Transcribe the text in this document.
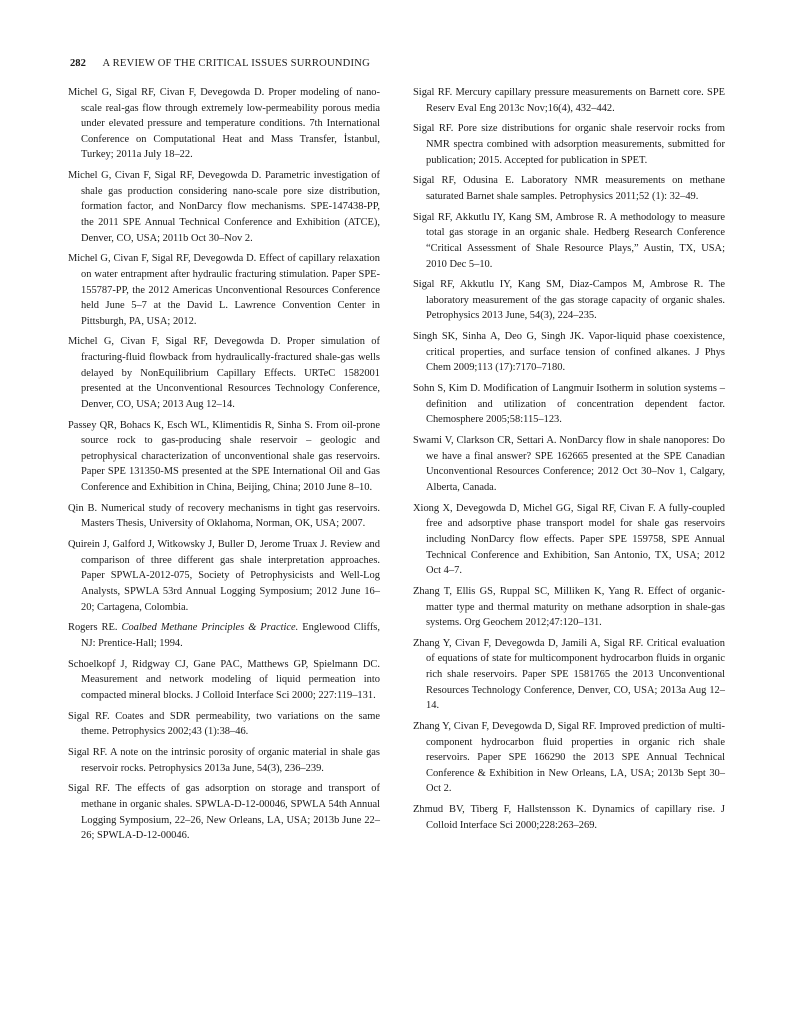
282 A REVIEW OF THE CRITICAL ISSUES SURROUNDING

Michel G, Sigal RF, Civan F, Devegowda D. Proper modeling of nano-scale real-gas flow through extremely low-permeability porous media under elevated pressure and temperature conditions. 7th International Conference on Computational Heat and Mass Transfer, İstanbul, Turkey; 2011a July 18–22.

Michel G, Civan F, Sigal RF, Devegowda D. Parametric investigation of shale gas production considering nano-scale pore size distribution, formation factor, and NonDarcy flow mechanisms. SPE-147438-PP, the 2011 SPE Annual Technical Conference and Exhibition (ATCE), Denver, CO, USA; 2011b Oct 30–Nov 2.

Michel G, Civan F, Sigal RF, Devegowda D. Effect of capillary relaxation on water entrapment after hydraulic fracturing stimulation. Paper SPE-155787-PP, the 2012 Americas Unconventional Resources Conference held June 5–7 at the David L. Lawrence Convention Center in Pittsburgh, PA, USA; 2012.

Michel G, Civan F, Sigal RF, Devegowda D. Proper simulation of fracturing-fluid flowback from hydraulically-fractured shale-gas wells delayed by NonEquilibrium Capillary Effects. URTeC 1582001 presented at the Unconventional Resources Technology Conference, Denver, CO, USA; 2013 Aug 12–14.

Passey QR, Bohacs K, Esch WL, Klimentidis R, Sinha S. From oil-prone source rock to gas-producing shale reservoir – geologic and petrophysical characterization of unconventional shale gas reservoirs. Paper SPE 131350-MS presented at the SPE International Oil and Gas Conference and Exhibition in China, Beijing, China; 2010 June 8–10.

Qin B. Numerical study of recovery mechanisms in tight gas reservoirs. Masters Thesis, University of Oklahoma, Norman, OK, USA; 2007.

Quirein J, Galford J, Witkowsky J, Buller D, Jerome Truax J. Review and comparison of three different gas shale interpretation approaches. Paper SPWLA-2012-075, Society of Petrophysicists and Well-Log Analysts, SPWLA 53rd Annual Logging Symposium; 2012 June 16–20; Cartagena, Colombia.

Rogers RE. Coalbed Methane Principles & Practice. Englewood Cliffs, NJ: Prentice-Hall; 1994.

Schoelkopf J, Ridgway CJ, Gane PAC, Matthews GP, Spielmann DC. Measurement and network modeling of liquid permeation into compacted mineral blocks. J Colloid Interface Sci 2000; 227:119–131.

Sigal RF. Coates and SDR permeability, two variations on the same theme. Petrophysics 2002;43 (1):38–46.

Sigal RF. A note on the intrinsic porosity of organic material in shale gas reservoir rocks. Petrophysics 2013a June, 54(3), 236–239.

Sigal RF. The effects of gas adsorption on storage and transport of methane in organic shales. SPWLA-D-12-00046, SPWLA 54th Annual Logging Symposium, 22–26, New Orleans, LA, USA; 2013b June 22–26; SPWLA-D-12-00046.

Sigal RF. Mercury capillary pressure measurements on Barnett core. SPE Reserv Eval Eng 2013c Nov;16(4), 432–442.

Sigal RF. Pore size distributions for organic shale reservoir rocks from NMR spectra combined with adsorption measurements, submitted for publication; 2015. Accepted for publication in SPET.

Sigal RF, Odusina E. Laboratory NMR measurements on methane saturated Barnet shale samples. Petrophysics 2011;52 (1): 32–49.

Sigal RF, Akkutlu IY, Kang SM, Ambrose R. A methodology to measure total gas storage in an organic shale. Hedberg Research Conference “Critical Assessment of Shale Resource Plays,” Austin, TX, USA; 2010 Dec 5–10.

Sigal RF, Akkutlu IY, Kang SM, Diaz-Campos M, Ambrose R. The laboratory measurement of the gas storage capacity of organic shales. Petrophysics 2013 June, 54(3), 224–235.

Singh SK, Sinha A, Deo G, Singh JK. Vapor-liquid phase coexistence, critical properties, and surface tension of confined alkanes. J Phys Chem 2009;113 (17):7170–7180.

Sohn S, Kim D. Modification of Langmuir Isotherm in solution systems – definition and utilization of concentration dependent factor. Chemosphere 2005;58:115–123.

Swami V, Clarkson CR, Settari A. NonDarcy flow in shale nanopores: Do we have a final answer? SPE 162665 presented at the SPE Canadian Unconventional Resources Conference; 2012 Oct 30–Nov 1, Calgary, Alberta, Canada.

Xiong X, Devegowda D, Michel GG, Sigal RF, Civan F. A fully-coupled free and adsorptive phase transport model for shale gas reservoirs including NonDarcy flow effects. Paper SPE 159758, SPE Annual Technical Conference and Exhibition, San Antonio, TX, USA; 2012 Oct 4–7.

Zhang T, Ellis GS, Ruppal SC, Milliken K, Yang R. Effect of organic-matter type and thermal maturity on methane adsorption in shale-gas systems. Org Geochem 2012;47:120–131.

Zhang Y, Civan F, Devegowda D, Jamili A, Sigal RF. Critical evaluation of equations of state for multicomponent hydrocarbon fluids in organic rich shale reservoirs. Paper SPE 1581765 the 2013 Unconventional Resources Technology Conference, Denver, CO, USA; 2013a Aug 12–14.

Zhang Y, Civan F, Devegowda D, Sigal RF. Improved prediction of multi-component hydrocarbon fluid properties in organic rich shale reservoirs. Paper SPE 166290 the 2013 SPE Annual Technical Conference & Exhibition in New Orleans, LA, USA; 2013b Sept 30–Oct 2.

Zhmud BV, Tiberg F, Hallstensson K. Dynamics of capillary rise. J Colloid Interface Sci 2000;228:263–269.
